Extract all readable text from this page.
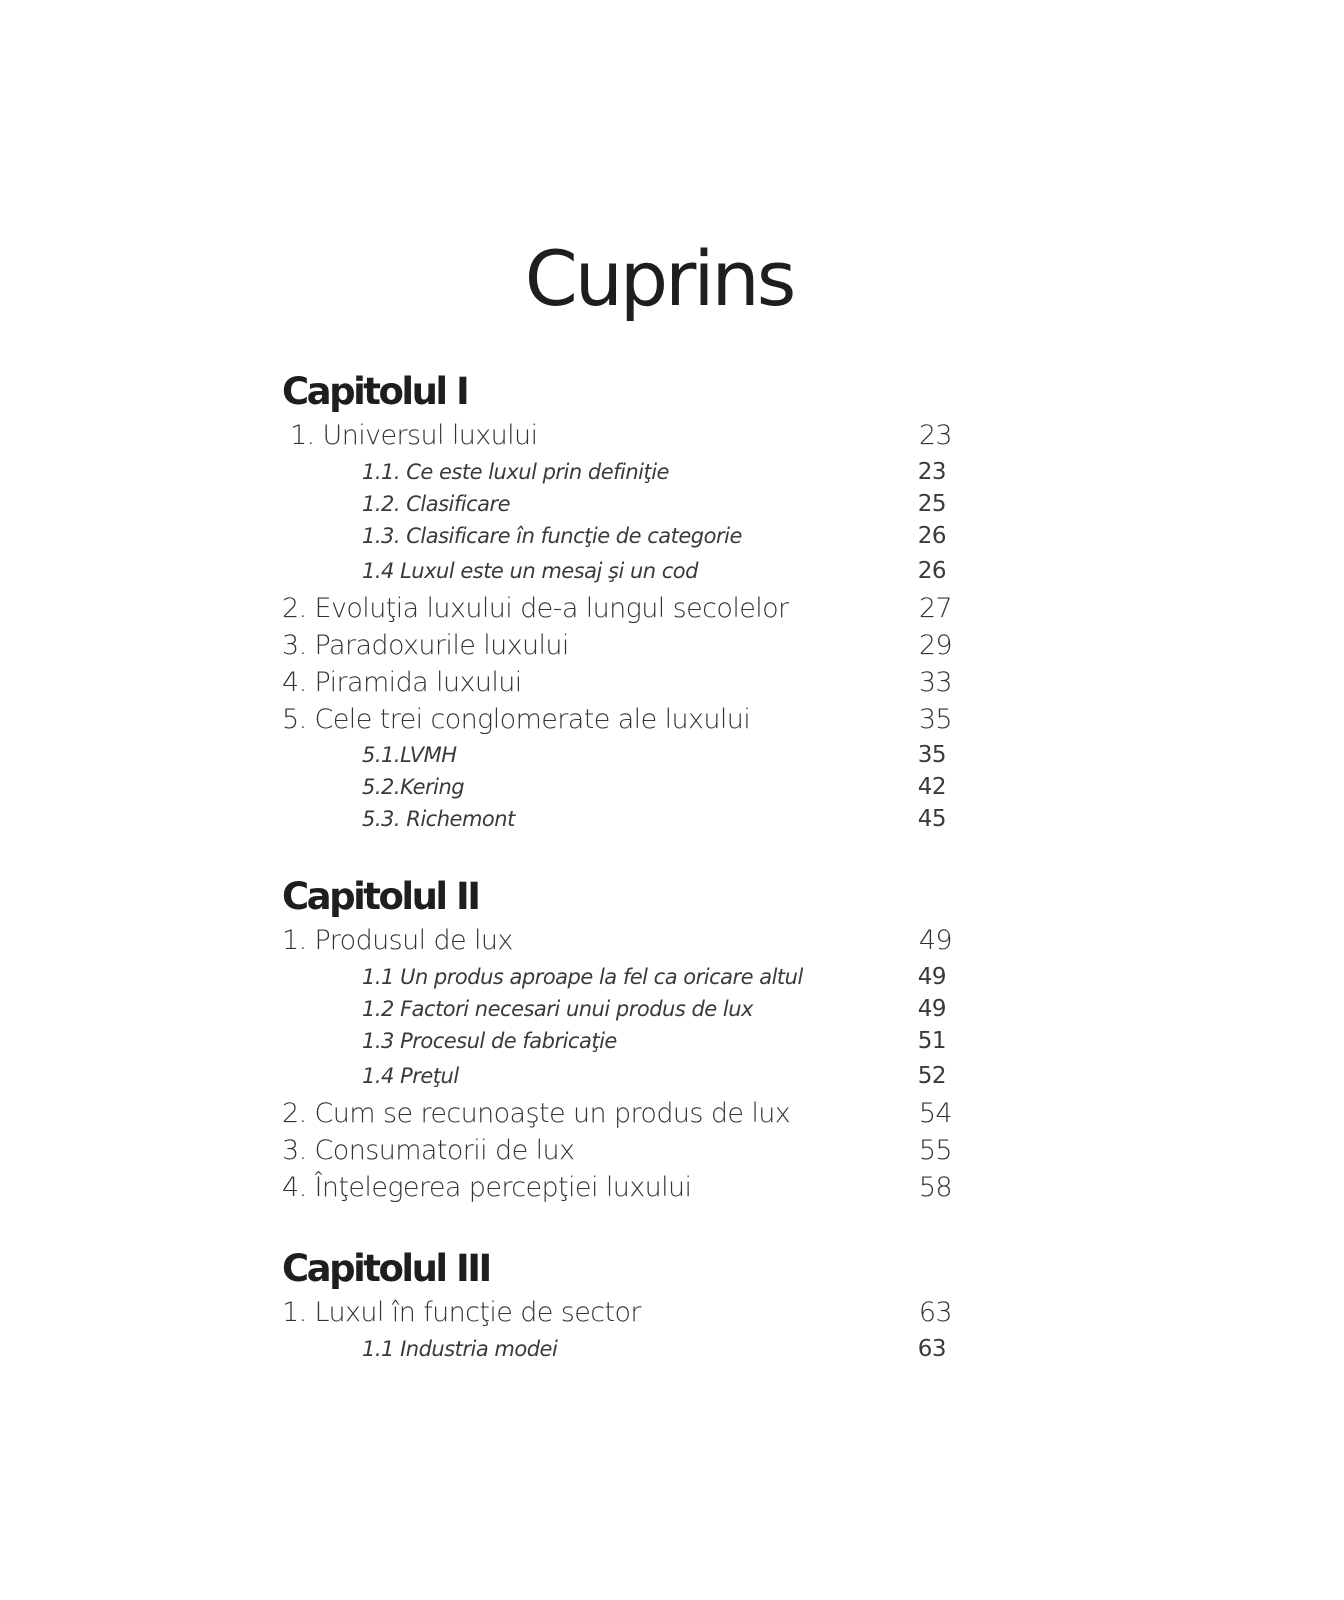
Cuprins
Capitolul I
1. Universul luxului	23
1.1. Ce este luxul prin definiţie	23
1.2. Clasificare	25
1.3. Clasificare în funcţie de categorie	26
1.4 Luxul este un mesaj şi un cod	26
2. Evoluţia luxului de-a lungul secolelor	27
3. Paradoxurile luxului	29
4. Piramida luxului	33
5. Cele trei conglomerate ale luxului	35
5.1.LVMH	35
5.2.Kering	42
5.3. Richemont	45
Capitolul II
1. Produsul de lux	49
1.1 Un produs aproape la fel ca oricare altul	49
1.2 Factori necesari unui produs de lux	49
1.3 Procesul de fabricaţie	51
1.4 Preţul	52
2. Cum se recunoaşte un produs de lux	54
3. Consumatorii de lux	55
4. Înţelegerea percepţiei luxului	58
Capitolul III
1. Luxul în funcţie de sector	63
1.1 Industria modei	63
